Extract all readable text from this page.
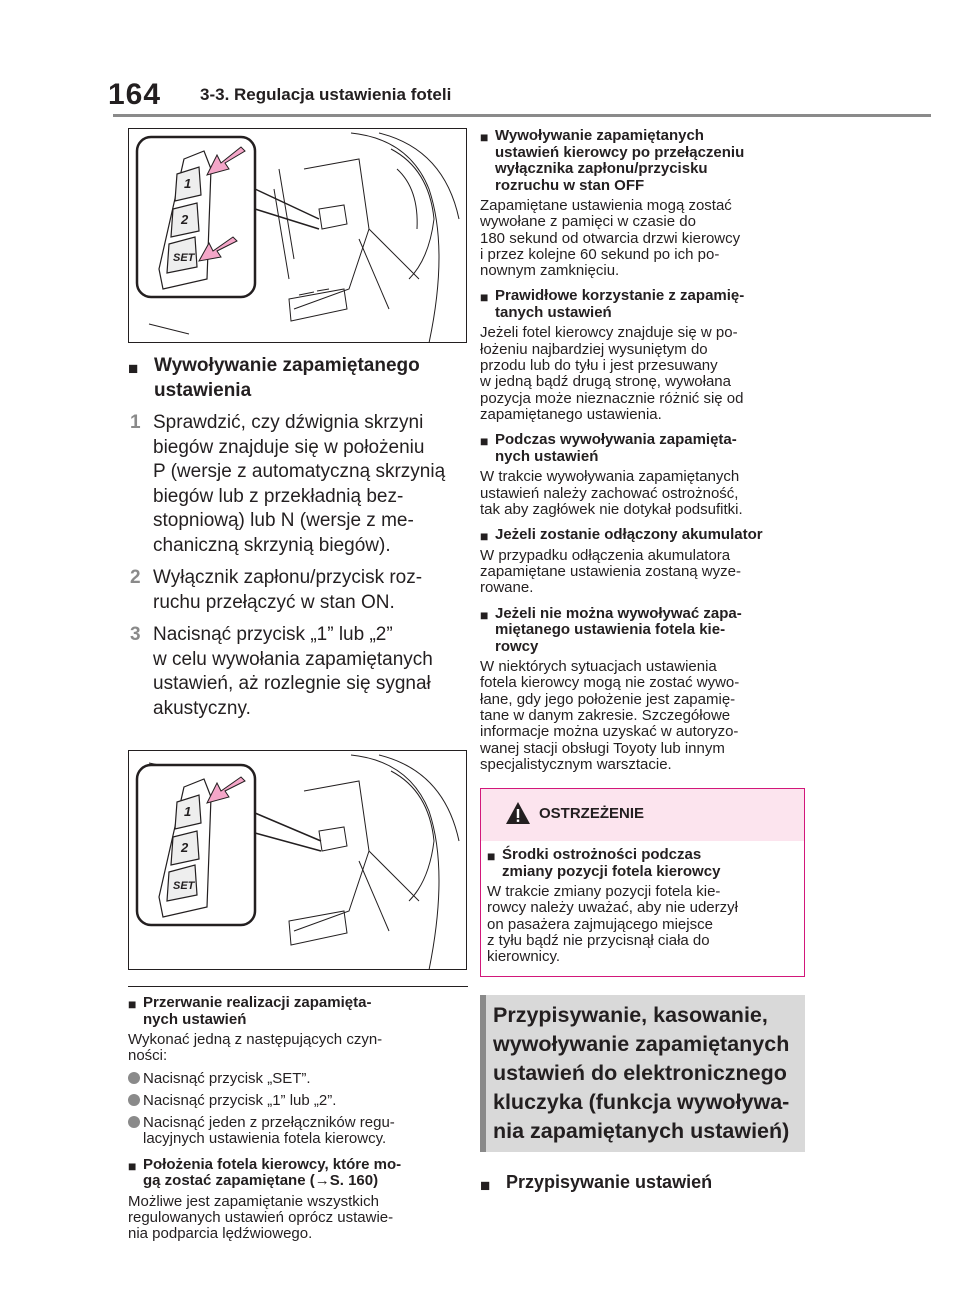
164 3-3. Regulacja ustawienia foteli
1
2
SET
■ Wywoływanie zapamiętanego
ustawienia
1 Sprawdzić, czy dźwignia skrzyni
biegów znajduje się w położeniu
P (wersje z automatyczną skrzynią
biegów lub z przekładnią bez-
stopniową) lub N (wersje z me-
chaniczną skrzynią biegów).
2 Wyłącznik zapłonu/przycisk roz-
ruchu przełączyć w stan ON.
3 Nacisnąć przycisk „1” lub „2”
w celu wywołania zapamiętanych
ustawień, aż rozlegnie się sygnał
akustyczny.
1
2
SET
■ Przerwanie realizacji zapamięta-
nych ustawień
Wykonać jedną z następujących czyn-
ności:
Nacisnąć przycisk „SET”.
Nacisnąć przycisk „1” lub „2”.
Nacisnąć jeden z przełączników regu-
lacyjnych ustawienia fotela kierowcy.
■ Położenia fotela kierowcy, które mo-
gą zostać zapamiętane (→S. 160)
Możliwe jest zapamiętanie wszystkich
regulowanych ustawień oprócz ustawie-
nia podparcia lędźwiowego.
■ Wywoływanie zapamiętanych
ustawień kierowcy po przełączeniu
wyłącznika zapłonu/przycisku
rozruchu w stan OFF
Zapamiętane ustawienia mogą zostać
wywołane z pamięci w czasie do
180 sekund od otwarcia drzwi kierowcy
i przez kolejne 60 sekund po ich po-
nownym zamknięciu.
■ Prawidłowe korzystanie z zapamię-
tanych ustawień
Jeżeli fotel kierowcy znajduje się w po-
łożeniu najbardziej wysuniętym do
przodu lub do tyłu i jest przesuwany
w jedną bądź drugą stronę, wywołana
pozycja może nieznacznie różnić się od
zapamiętanego ustawienia.
■ Podczas wywoływania zapamięta-
nych ustawień
W trakcie wywoływania zapamiętanych
ustawień należy zachować ostrożność,
tak aby zagłówek nie dotykał podsufitki.
■ Jeżeli zostanie odłączony akumulator
W przypadku odłączenia akumulatora
zapamiętane ustawienia zostaną wyze-
rowane.
■ Jeżeli nie można wywoływać zapa-
miętanego ustawienia fotela kie-
rowcy
W niektórych sytuacjach ustawienia
fotela kierowcy mogą nie zostać wywo-
łane, gdy jego położenie jest zapamię-
tane w danym zakresie. Szczegółowe
informacje można uzyskać w autoryzo-
wanej stacji obsługi Toyoty lub innym
specjalistycznym warsztacie.
OSTRZEŻENIE
■ Środki ostrożności podczas
zmiany pozycji fotela kierowcy
W trakcie zmiany pozycji fotela kie-
rowcy należy uważać, aby nie uderzył
on pasażera zajmującego miejsce
z tyłu bądź nie przycisnął ciała do
kierownicy.
Przypisywanie, kasowanie,
wywoływanie zapamiętanych
ustawień do elektronicznego
kluczyka (funkcja wywoływa-
nia zapamiętanych ustawień)
■ Przypisywanie ustawień
